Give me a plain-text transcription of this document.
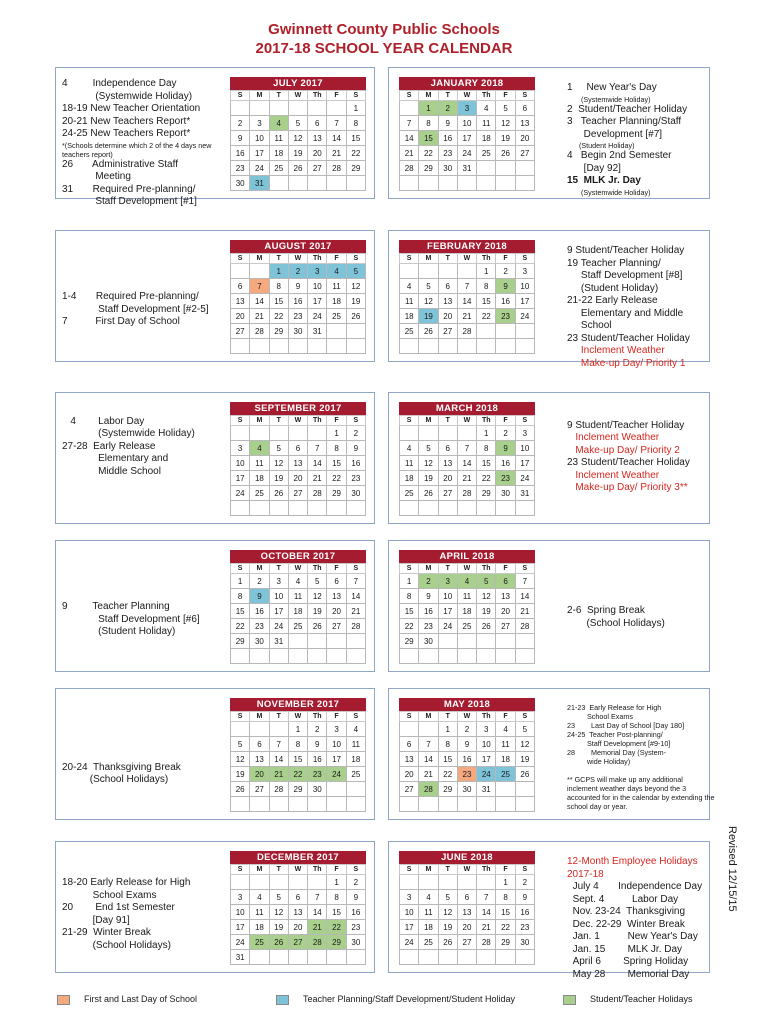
Gwinnett County Public Schools
2017-18 SCHOOL YEAR CALENDAR
4         Independence Day
(Systemwide Holiday)
18-19 New Teacher Orientation
20-21 New Teachers Report*
24-25 New Teachers Report*
*(Schools determine which 2 of the 4 days new teachers report)
26       Administrative Staff
Meeting
31       Required Pre-planning/
Staff Development [#1]
JULY 2017
S	M	T	W	Th	F	S
						1
2	3	4	5	6	7	8
9	10	11	12	13	14	15
16	17	18	19	20	21	22
23	24	25	26	27	28	29
30	31					
1     New Year's Day
(Systemwide Holiday)
2  Student/Teacher Holiday
3   Teacher Planning/Staff
Development [#7]
(Student Holiday)
4   Begin 2nd Semester
[Day 92]
15  MLK Jr. Day
(Systemwide Holiday)
JANUARY 2018
S	M	T	W	Th	F	S
	1	2	3	4	5	6
7	8	9	10	11	12	13
14	15	16	17	18	19	20
21	22	23	24	25	26	27
28	29	30	31			

1-4       Required Pre-planning/
Staff Development [#2-5]
7          First Day of School
AUGUST 2017
S	M	T	W	Th	F	S
		1	2	3	4	5
6	7	8	9	10	11	12
13	14	15	16	17	18	19
20	21	22	23	24	25	26
27	28	29	30	31		

9 Student/Teacher Holiday
19 Teacher Planning/
Staff Development [#8]
(Student Holiday)
21-22 Early Release
Elementary and Middle
School
23 Student/Teacher Holiday
Inclement Weather
Make-up Day/ Priority 1
FEBRUARY 2018
S	M	T	W	Th	F	S
				1	2	3
4	5	6	7	8	9	10
11	12	13	14	15	16	17
18	19	20	21	22	23	24
25	26	27	28			

4        Labor Day
(Systemwide Holiday)
27-28  Early Release
Elementary and
Middle School
SEPTEMBER 2017
S	M	T	W	Th	F	S
					1	2
3	4	5	6	7	8	9
10	11	12	13	14	15	16
17	18	19	20	21	22	23
24	25	26	27	28	29	30

9 Student/Teacher Holiday
Inclement Weather
Make-up Day/ Priority 2
23 Student/Teacher Holiday
Inclement Weather
Make-up Day/ Priority 3**
MARCH 2018
S	M	T	W	Th	F	S
				1	2	3
4	5	6	7	8	9	10
11	12	13	14	15	16	17
18	19	20	21	22	23	24
25	26	27	28	29	30	31

9         Teacher Planning
Staff Development [#6]
(Student Holiday)
OCTOBER 2017
S	M	T	W	Th	F	S
1	2	3	4	5	6	7
8	9	10	11	12	13	14
15	16	17	18	19	20	21
22	23	24	25	26	27	28
29	30	31				

2-6  Spring Break
(School Holidays)
APRIL 2018
S	M	T	W	Th	F	S
1	2	3	4	5	6	7
8	9	10	11	12	13	14
15	16	17	18	19	20	21
22	23	24	25	26	27	28
29	30					

20-24  Thanksgiving Break
(School Holidays)
NOVEMBER 2017
S	M	T	W	Th	F	S
			1	2	3	4
5	6	7	8	9	10	11
12	13	14	15	16	17	18
19	20	21	22	23	24	25
26	27	28	29	30		

21-23  Early Release for High
School Exams
23        Last Day of School [Day 180]
24-25  Teacher Post-planning/
Staff Development [#9-10]
28        Memorial Day (System-
wide Holiday)

** GCPS will make up any additional inclement weather days beyond the 3 accounted for in the calendar by extending the school day or year.
MAY 2018
S	M	T	W	Th	F	S
		1	2	3	4	5
6	7	8	9	10	11	12
13	14	15	16	17	18	19
20	21	22	23	24	25	26
27	28	29	30	31		

18-20 Early Release for High
School Exams
20        End 1st Semester
[Day 91]
21-29  Winter Break
(School Holidays)
DECEMBER 2017
S	M	T	W	Th	F	S
					1	2
3	4	5	6	7	8	9
10	11	12	13	14	15	16
17	18	19	20	21	22	23
24	25	26	27	28	29	30
31						
12-Month Employee Holidays
2017-18
July 4       Independence Day
Sept. 4          Labor Day
Nov. 23-24  Thanksgiving
Dec. 22-29  Winter Break
Jan. 1          New Year's Day
Jan. 15        MLK Jr. Day
April 6        Spring Holiday
May 28        Memorial Day
JUNE 2018
S	M	T	W	Th	F	S
					1	2
3	4	5	6	7	8	9
10	11	12	13	14	15	16
17	18	19	20	21	22	23
24	25	26	27	28	29	30

Revised 12/15/15
First and Last Day of School	Teacher Planning/Staff Development/Student Holiday	Student/Teacher Holidays
